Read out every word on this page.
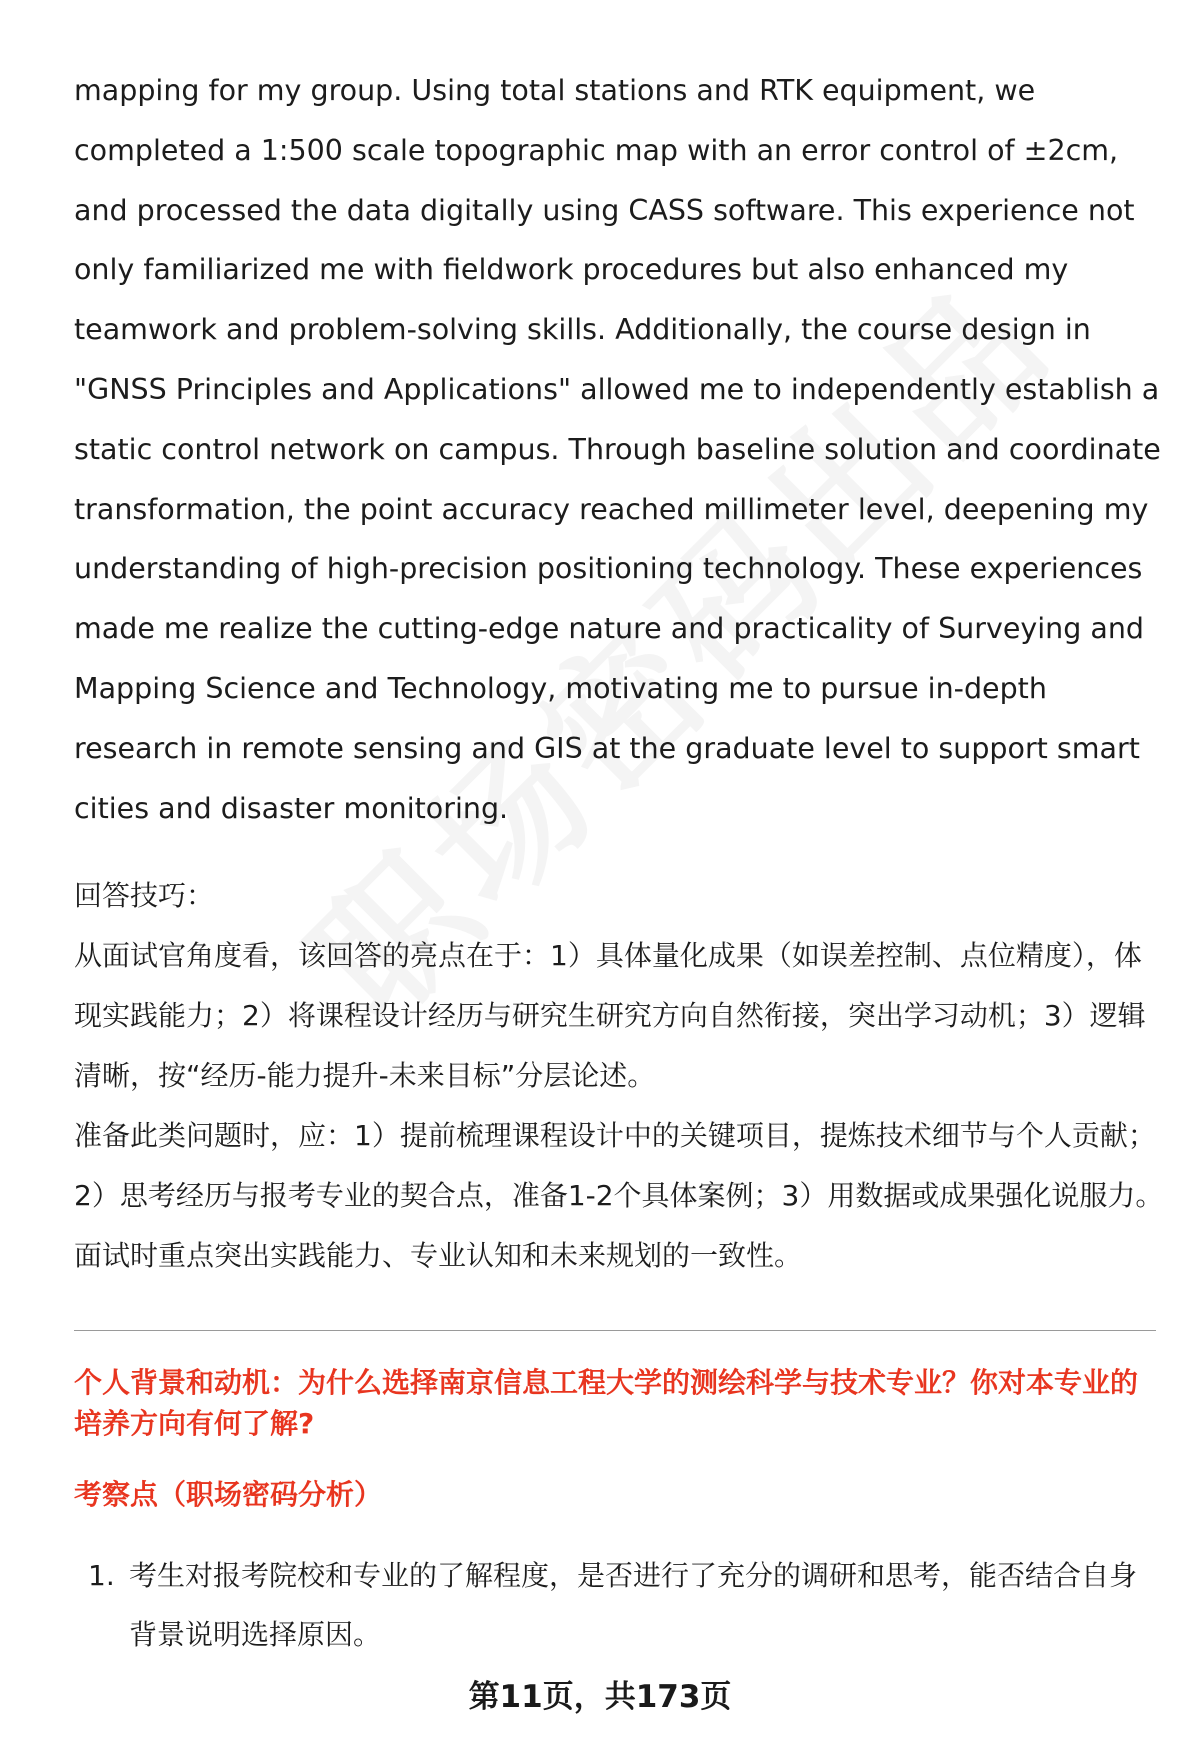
mapping for my group. Using total stations and RTK equipment, we completed a 1:500 scale topographic map with an error control of ±2cm, and processed the data digitally using CASS software. This experience not only familiarized me with fieldwork procedures but also enhanced my teamwork and problem-solving skills. Additionally, the course design in "GNSS Principles and Applications" allowed me to independently establish a static control network on campus. Through baseline solution and coordinate transformation, the point accuracy reached millimeter level, deepening my understanding of high-precision positioning technology. These experiences made me realize the cutting-edge nature and practicality of Surveying and Mapping Science and Technology, motivating me to pursue in-depth research in remote sensing and GIS at the graduate level to support smart cities and disaster monitoring.

回答技巧：

从面试官角度看，该回答的亮点在于：1）具体量化成果（如误差控制、点位精度），体现实践能力；2）将课程设计经历与研究生研究方向自然衔接，突出学习动机；3）逻辑清晰，按“经历-能力提升-未来目标”分层论述。

准备此类问题时，应：1）提前梳理课程设计中的关键项目，提炼技术细节与个人贡献；2）思考经历与报考专业的契合点，准备1-2个具体案例；3）用数据或成果强化说服力。面试时重点突出实践能力、专业认知和未来规划的一致性。

个人背景和动机：为什么选择南京信息工程大学的测绘科学与技术专业？你对本专业的培养方向有何了解?

考察点（职场密码分析）

1. 考生对报考院校和专业的了解程度，是否进行了充分的调研和思考，能否结合自身背景说明选择原因。
第11页，共173页
